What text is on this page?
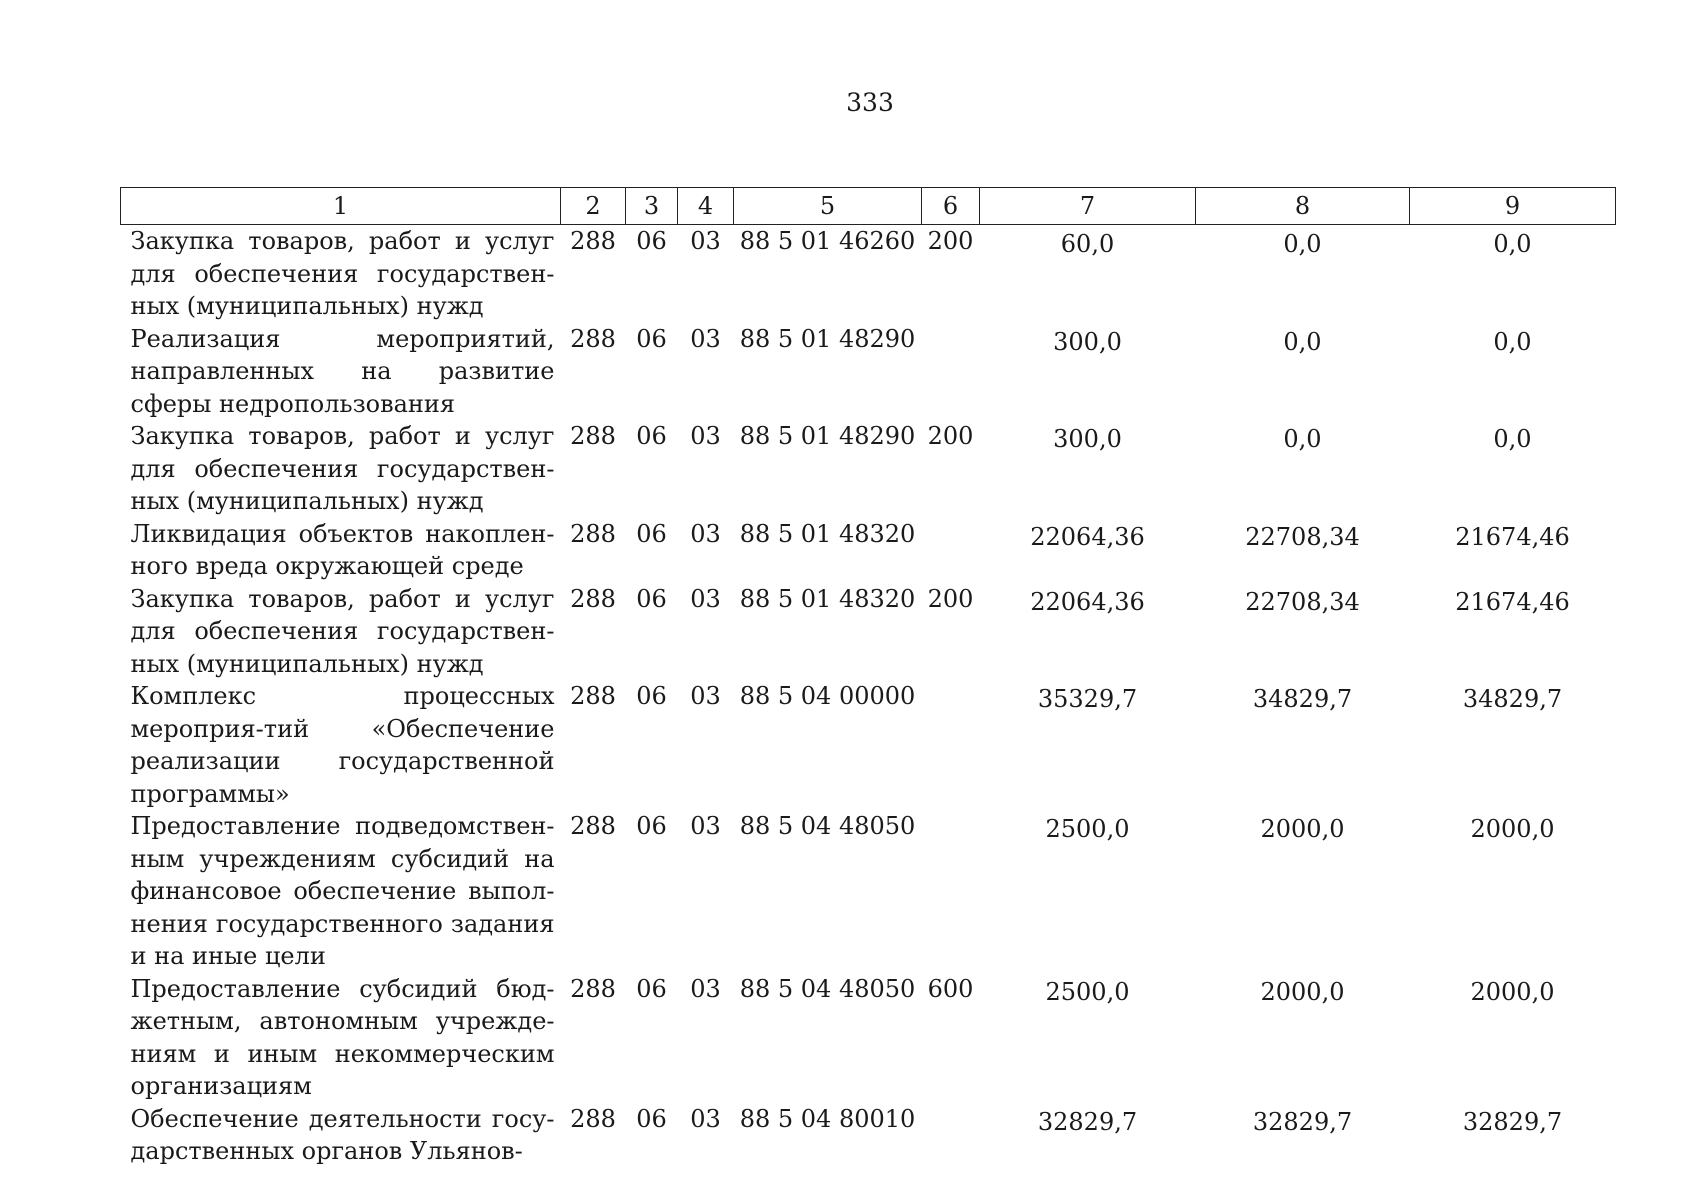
333
1	2	3	4	5	6	7	8	9
Закупка товаров, работ и услуг для обеспечения государствен-ных (муниципальных) нужд	288	06	03	88 5 01 46260	200	60,0	0,0	0,0
Реализация мероприятий, направленных на развитие сферы недропользования	288	06	03	88 5 01 48290		300,0	0,0	0,0
Закупка товаров, работ и услуг для обеспечения государствен-ных (муниципальных) нужд	288	06	03	88 5 01 48290	200	300,0	0,0	0,0
Ликвидация объектов накоплен-ного вреда окружающей среде	288	06	03	88 5 01 48320		22064,36	22708,34	21674,46
Закупка товаров, работ и услуг для обеспечения государствен-ных (муниципальных) нужд	288	06	03	88 5 01 48320	200	22064,36	22708,34	21674,46
Комплекс процессных мероприя-тий «Обеспечение реализации государственной программы»	288	06	03	88 5 04 00000		35329,7	34829,7	34829,7
Предоставление подведомствен-ным учреждениям субсидий на финансовое обеспечение выпол-нения государственного задания и на иные цели	288	06	03	88 5 04 48050		2500,0	2000,0	2000,0
Предоставление субсидий бюд-жетным, автономным учрежде-ниям и иным некоммерческим организациям	288	06	03	88 5 04 48050	600	2500,0	2000,0	2000,0
Обеспечение деятельности госу-дарственных органов Ульянов-	288	06	03	88 5 04 80010		32829,7	32829,7	32829,7
